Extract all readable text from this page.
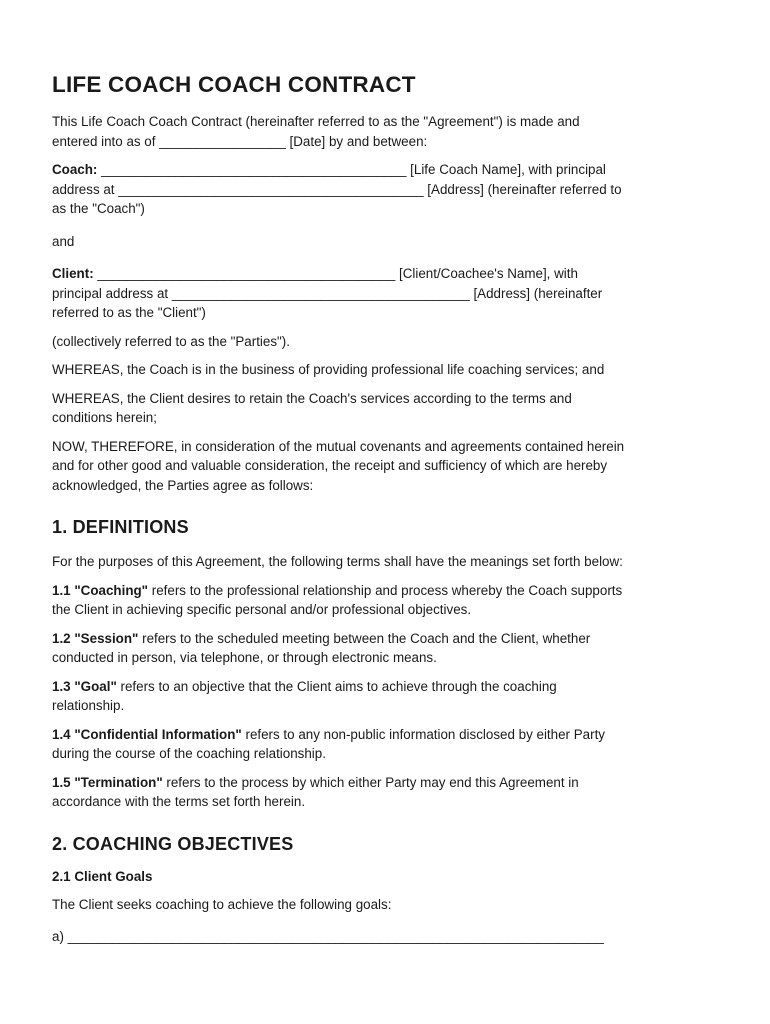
LIFE COACH COACH CONTRACT

This Life Coach Coach Contract (hereinafter referred to as the "Agreement") is made and
entered into as of _________________ [Date] by and between:

Coach: _________________________________________ [Life Coach Name], with principal
address at _________________________________________ [Address] (hereinafter referred to
as the "Coach")

and

Client: ________________________________________ [Client/Coachee's Name], with
principal address at ________________________________________ [Address] (hereinafter
referred to as the "Client")

(collectively referred to as the "Parties").

WHEREAS, the Coach is in the business of providing professional life coaching services; and

WHEREAS, the Client desires to retain the Coach's services according to the terms and
conditions herein;

NOW, THEREFORE, in consideration of the mutual covenants and agreements contained herein
and for other good and valuable consideration, the receipt and sufficiency of which are hereby
acknowledged, the Parties agree as follows:

1. DEFINITIONS

For the purposes of this Agreement, the following terms shall have the meanings set forth below:

1.1 "Coaching" refers to the professional relationship and process whereby the Coach supports
the Client in achieving specific personal and/or professional objectives.

1.2 "Session" refers to the scheduled meeting between the Coach and the Client, whether
conducted in person, via telephone, or through electronic means.

1.3 "Goal" refers to an objective that the Client aims to achieve through the coaching
relationship.

1.4 "Confidential Information" refers to any non-public information disclosed by either Party
during the course of the coaching relationship.

1.5 "Termination" refers to the process by which either Party may end this Agreement in
accordance with the terms set forth herein.

2. COACHING OBJECTIVES
2.1 Client Goals

The Client seeks coaching to achieve the following goals:

a) ________________________________________________________________________
